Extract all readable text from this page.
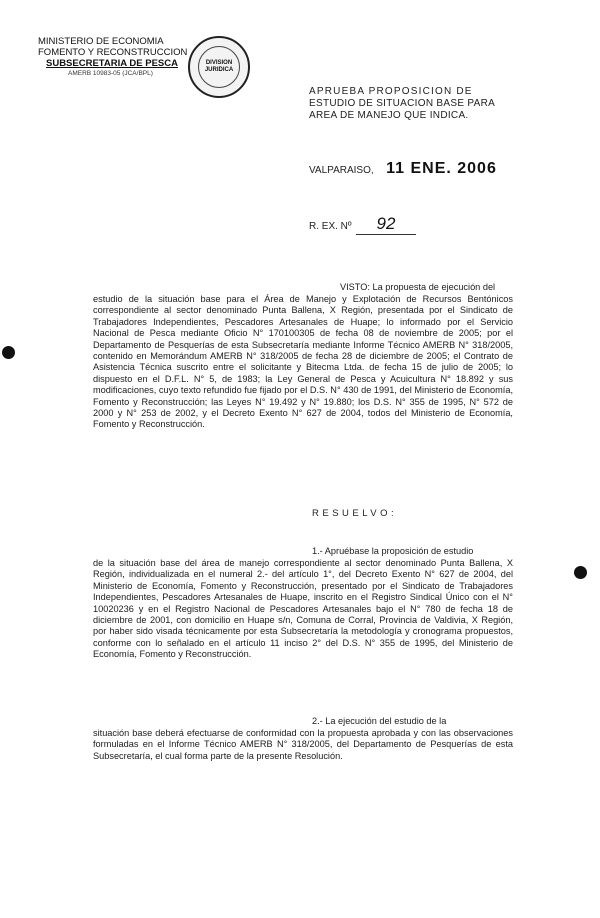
MINISTERIO DE ECONOMIA
FOMENTO Y RECONSTRUCCION
SUBSECRETARIA DE PESCA
AMERB 10983-05 (JCA/BPL)
DIVISION
JURIDICA
APRUEBA PROPOSICION DE
ESTUDIO DE SITUACION BASE PARA
AREA DE MANEJO QUE INDICA.
VALPARAISO, 11 ENE. 2006
R. EX. Nº 92
VISTO: La propuesta de ejecución del

estudio de la situación base para el Área de Manejo y Explotación de Recursos Bentónicos correspondiente al sector denominado Punta Ballena, X Región, presentada por el Sindicato de Trabajadores Independientes, Pescadores Artesanales de Huape; lo informado por el Servicio Nacional de Pesca mediante Oficio N° 170100305 de fecha 08 de noviembre de 2005; por el Departamento de Pesquerías de esta Subsecretaría mediante Informe Técnico AMERB N° 318/2005, contenido en Memorándum AMERB N° 318/2005 de fecha 28 de diciembre de 2005; el Contrato de Asistencia Técnica suscrito entre el solicitante y Bitecma Ltda. de fecha 15 de julio de 2005; lo dispuesto en el D.F.L. N° 5, de 1983; la Ley General de Pesca y Acuicultura N° 18.892 y sus modificaciones, cuyo texto refundido fue fijado por el D.S. N° 430 de 1991, del Ministerio de Economía, Fomento y Reconstrucción; las Leyes N° 19.492 y N° 19.880; los D.S. N° 355 de 1995, N° 572 de 2000 y N° 253 de 2002, y el Decreto Exento N° 627 de 2004, todos del Ministerio de Economía, Fomento y Reconstrucción.

RESUELVO:
1.- Apruébase la proposición de estudio

de la situación base del área de manejo correspondiente al sector denominado Punta Ballena, X Región, individualizada en el numeral 2.- del artículo 1°, del Decreto Exento N° 627 de 2004, del Ministerio de Economía, Fomento y Reconstrucción, presentado por el Sindicato de Trabajadores Independientes, Pescadores Artesanales de Huape, inscrito en el Registro Sindical Único con el N° 10020236 y en el Registro Nacional de Pescadores Artesanales bajo el N° 780 de fecha 18 de diciembre de 2001, con domicilio en Huape s/n, Comuna de Corral, Provincia de Valdivia, X Región, por haber sido visada técnicamente por esta Subsecretaría la metodología y cronograma propuestos, conforme con lo señalado en el artículo 11 inciso 2° del D.S. N° 355 de 1995, del Ministerio de Economía, Fomento y Reconstrucción.

2.- La ejecución del estudio de la

situación base deberá efectuarse de conformidad con la propuesta aprobada y con las observaciones formuladas en el Informe Técnico AMERB N° 318/2005, del Departamento de Pesquerías de esta Subsecretaría, el cual forma parte de la presente Resolución.
